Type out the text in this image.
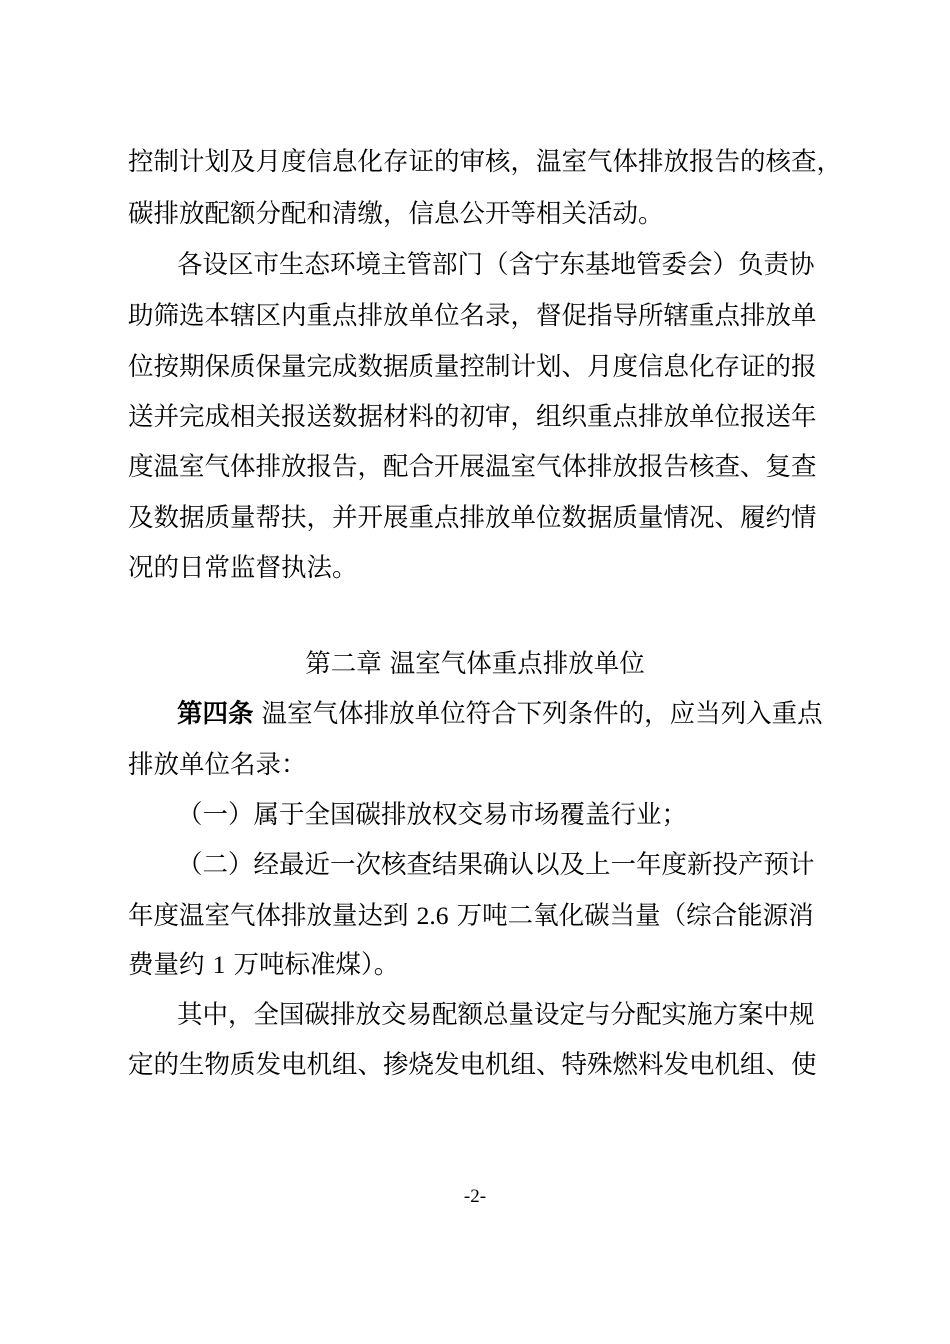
控制计划及月度信息化存证的审核，温室气体排放报告的核查，
碳排放配额分配和清缴，信息公开等相关活动。
各设区市生态环境主管部门（含宁东基地管委会）负责协
助筛选本辖区内重点排放单位名录，督促指导所辖重点排放单
位按期保质保量完成数据质量控制计划、月度信息化存证的报
送并完成相关报送数据材料的初审，组织重点排放单位报送年
度温室气体排放报告，配合开展温室气体排放报告核查、复查
及数据质量帮扶，并开展重点排放单位数据质量情况、履约情
况的日常监督执法。
第二章 温室气体重点排放单位
第四条 温室气体排放单位符合下列条件的，应当列入重点
排放单位名录：
（一）属于全国碳排放权交易市场覆盖行业；
（二）经最近一次核查结果确认以及上一年度新投产预计
年度温室气体排放量达到 2.6 万吨二氧化碳当量（综合能源消
费量约 1 万吨标准煤）。
其中，全国碳排放交易配额总量设定与分配实施方案中规
定的生物质发电机组、掺烧发电机组、特殊燃料发电机组、使
-2-
